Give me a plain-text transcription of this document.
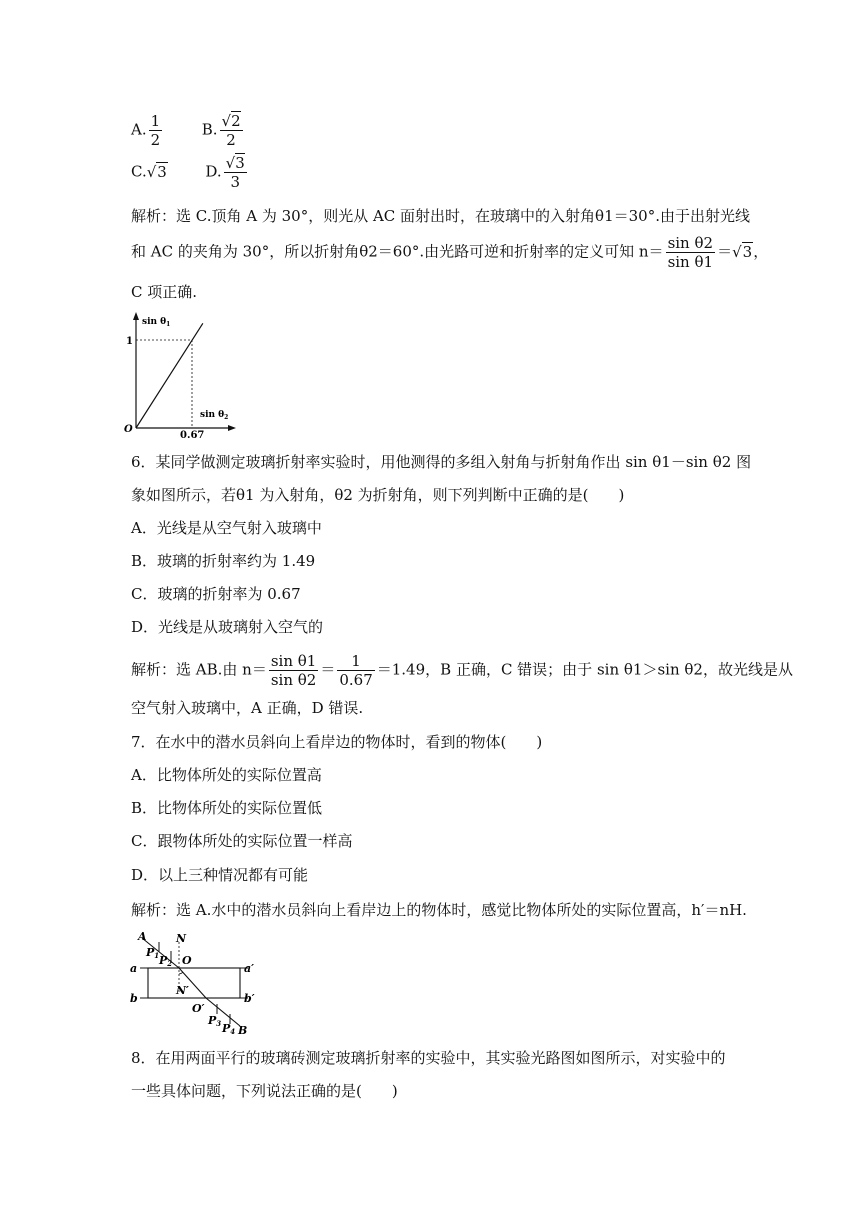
A. $\frac{1}{2}$	B. $\frac{√2}{2}$
C.√3	D. $\frac{√3}{3}$
解析：选 C.顶角 A 为 30°，则光从 AC 面射出时，在玻璃中的入射角θ1＝30°.由于出射光线
和 AC 的夹角为 30°，所以折射角θ2＝60°.由光路可逆和折射率的定义可知 $n= \frac{\text{sin θ2}}{\text{sin θ1}} =√3$，
C 项正确.
$\sin \theta_1$
$\sin \theta_2$
1
0.67
O
6．某同学做测定玻璃折射率实验时，用他测得的多组入射角与折射角作出 sin θ1－sin θ2 图
象如图所示，若θ1 为入射角，θ2 为折射角，则下列判断中正确的是(　　)
A．光线是从空气射入玻璃中
B．玻璃的折射率约为 1.49
C．玻璃的折射率为 0.67
D．光线是从玻璃射入空气的
解析：选 AB.由 $n= \frac{\text{sin θ1}}{\text{sin θ2}} = \frac{1}{0.67} =1.49$，B 正确，C 错误；由于 sin θ1＞sin θ2，故光线是从
空气射入玻璃中，A 正确，D 错误.
7．在水中的潜水员斜向上看岸边的物体时，看到的物体(　　)
A．比物体所处的实际位置高
B．比物体所处的实际位置低
C．跟物体所处的实际位置一样高
D．以上三种情况都有可能
解析：选 A.水中的潜水员斜向上看岸边上的物体时，感觉比物体所处的实际位置高，h′＝nH.
A	N
P1 P2 O
a	a′
b	b′
N′
O′
P3 P4 B
8．在用两面平行的玻璃砖测定玻璃折射率的实验中，其实验光路图如图所示，对实验中的
一些具体问题，下列说法正确的是(　　)
